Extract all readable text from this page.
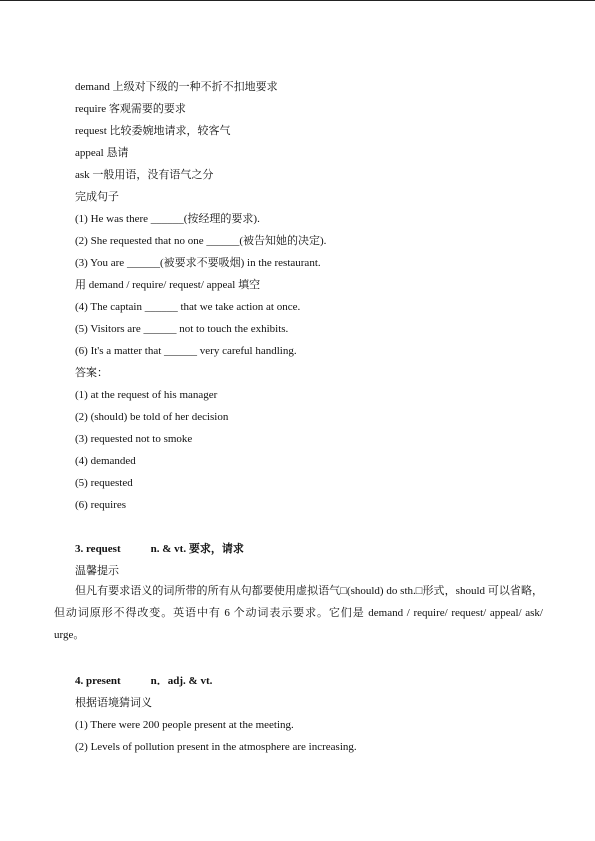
demand 上级对下级的一种不折不扣地要求
require 客观需要的要求
request 比较委婉地请求，较客气
appeal 恳请
ask 一般用语，没有语气之分
完成句子
(1) He was there ______(按经理的要求).
(2) She requested that no one ______(被告知她的决定).
(3) You are ______(被要求不要吸烟) in the restaurant.
用 demand / require/ request/ appeal 填空
(4) The captain ______ that we take action at once.
(5) Visitors are ______ not to touch the exhibits.
(6) It's a matter that ______ very careful handling.
答案：
(1) at the request of his manager
(2) (should) be told of her decision
(3) requested not to smoke
(4) demanded
(5) requested
(6) requires
3. request	n. & vt. 要求，请求
温馨提示
但凡有要求语义的词所带的所有从句都要使用虚拟语气□(should) do sth.□形式，should 可以省略，但动词原形不得改变。英语中有 6 个动词表示要求。它们是 demand / require/ request/ appeal/ ask/ urge。
4. present	n．adj. & vt.
根据语境猜词义
(1) There were 200 people present at the meeting.
(2) Levels of pollution present in the atmosphere are increasing.
